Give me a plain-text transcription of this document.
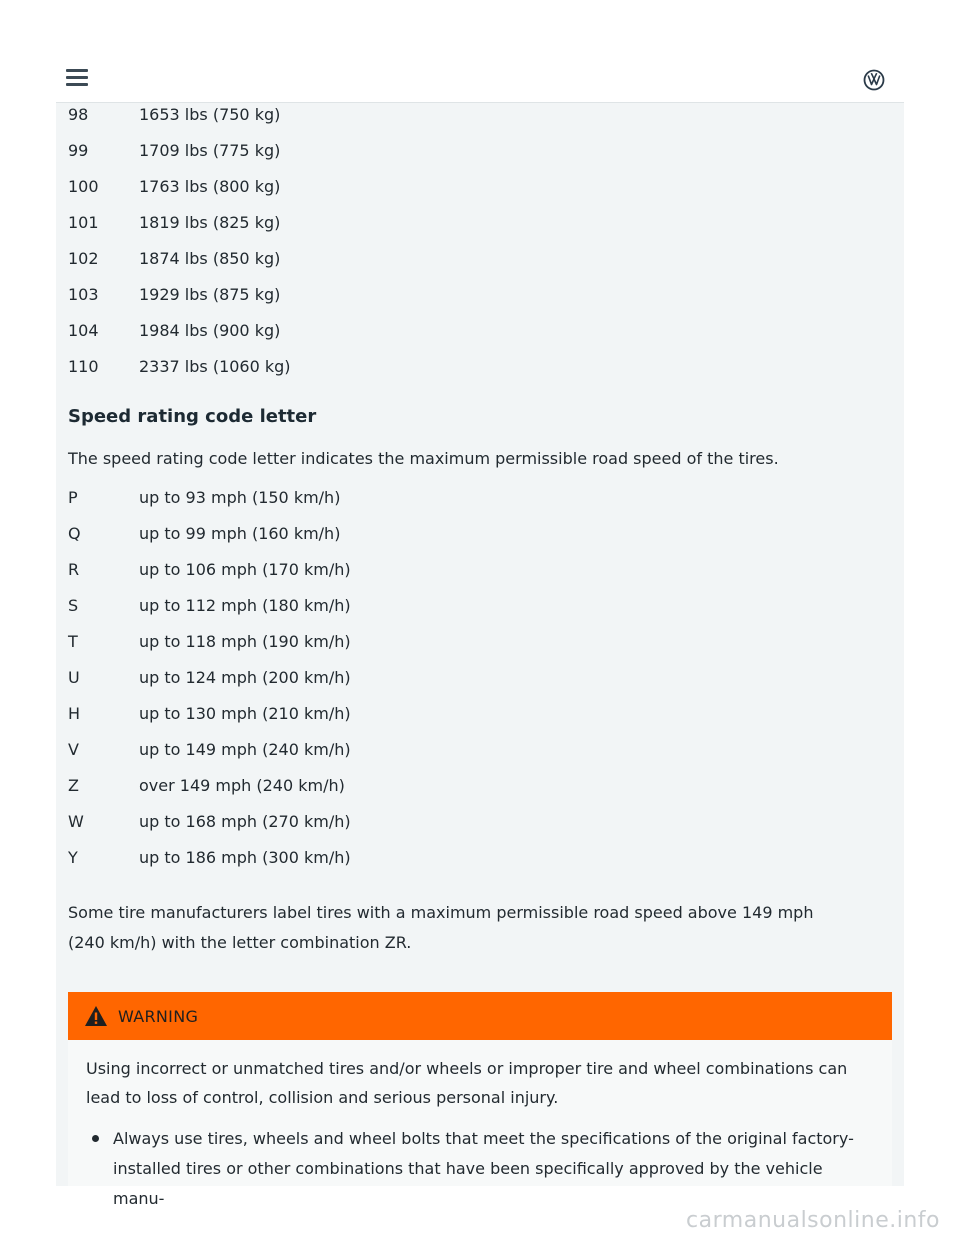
98	1653 lbs (750 kg)
99	1709 lbs (775 kg)
100	1763 lbs (800 kg)
101	1819 lbs (825 kg)
102	1874 lbs (850 kg)
103	1929 lbs (875 kg)
104	1984 lbs (900 kg)
110	2337 lbs (1060 kg)
Speed rating code letter
The speed rating code letter indicates the maximum permissible road speed of the tires.
P	up to 93 mph (150 km/h)
Q	up to 99 mph (160 km/h)
R	up to 106 mph (170 km/h)
S	up to 112 mph (180 km/h)
T	up to 118 mph (190 km/h)
U	up to 124 mph (200 km/h)
H	up to 130 mph (210 km/h)
V	up to 149 mph (240 km/h)
Z	over 149 mph (240 km/h)
W	up to 168 mph (270 km/h)
Y	up to 186 mph (300 km/h)
Some tire manufacturers label tires with a maximum permissible road speed above 149 mph (240 km/h) with the letter combination ZR.
WARNING
Using incorrect or unmatched tires and/or wheels or improper tire and wheel combinations can lead to loss of control, collision and serious personal injury.
Always use tires, wheels and wheel bolts that meet the specifications of the original factory-installed tires or other combinations that have been specifically approved by the vehicle manu-
carmanualsonline.info
